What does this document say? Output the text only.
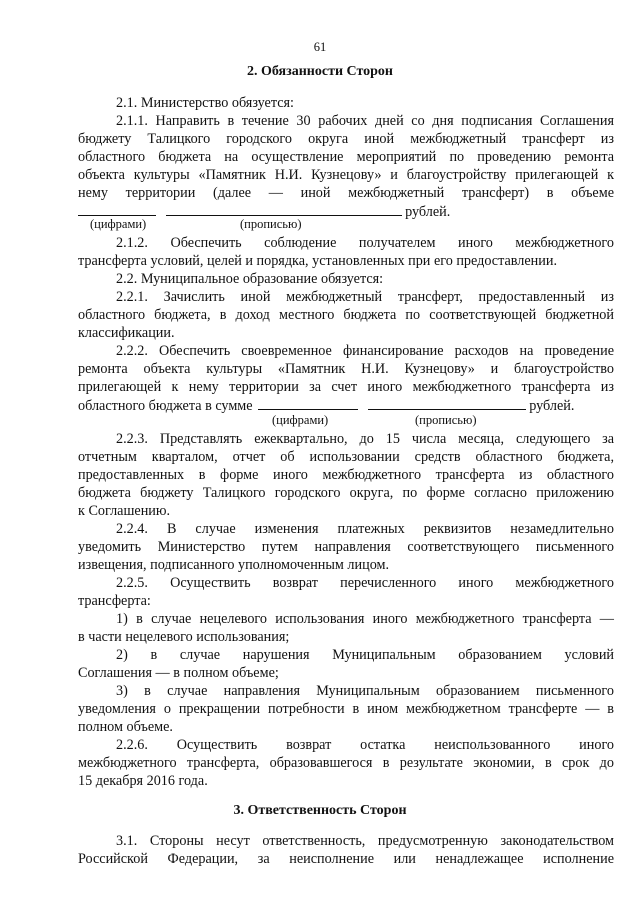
61
2. Обязанности Сторон
2.1. Министерство обязуется:
2.1.1. Направить в течение 30 рабочих дней со дня подписания Соглашения
бюджету Талицкого городского округа иной межбюджетный трансферт из
областного бюджета на осуществление мероприятий по проведению ремонта
объекта культуры «Памятник Н.И. Кузнецову» и благоустройству прилегающей к
нему территории (далее — иной межбюджетный трансферт) в объеме
рублей.
(цифрами)	(прописью)
2.1.2. Обеспечить соблюдение получателем иного межбюджетного
трансферта условий, целей и порядка, установленных при его предоставлении.
2.2. Муниципальное образование обязуется:
2.2.1. Зачислить иной межбюджетный трансферт, предоставленный из
областного бюджета, в доход местного бюджета по соответствующей бюджетной
классификации.
2.2.2. Обеспечить своевременное финансирование расходов на проведение
ремонта объекта культуры «Памятник Н.И. Кузнецову» и благоустройство
прилегающей к нему территории за счет иного межбюджетного трансферта из
областного бюджета в сумме	рублей.
(цифрами)	(прописью)
2.2.3. Представлять ежеквартально, до 15 числа месяца, следующего за
отчетным кварталом, отчет об использовании средств областного бюджета,
предоставленных в форме иного межбюджетного трансферта из областного
бюджета бюджету Талицкого городского округа, по форме согласно приложению
к Соглашению.
2.2.4. В случае изменения платежных реквизитов незамедлительно
уведомить Министерство путем направления соответствующего письменного
извещения, подписанного уполномоченным лицом.
2.2.5. Осуществить возврат перечисленного иного межбюджетного
трансферта:
1) в случае нецелевого использования иного межбюджетного трансферта —
в части нецелевого использования;
2) в случае нарушения Муниципальным образованием условий
Соглашения — в полном объеме;
3) в случае направления Муниципальным образованием письменного
уведомления о прекращении потребности в ином межбюджетном трансферте — в
полном объеме.
2.2.6. Осуществить возврат остатка неиспользованного иного
межбюджетного трансферта, образовавшегося в результате экономии, в срок до
15 декабря 2016 года.
3. Ответственность Сторон
3.1. Стороны несут ответственность, предусмотренную законодательством
Российской Федерации, за неисполнение или ненадлежащее исполнение
